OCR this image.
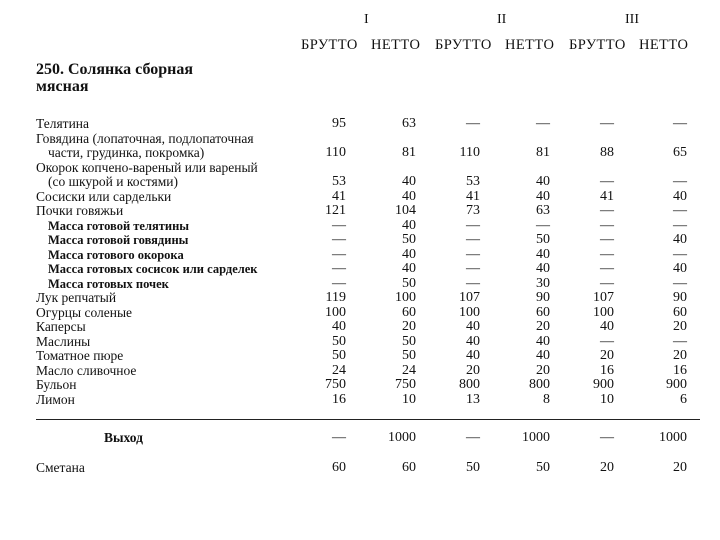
I	II	III
БРУТТО НЕТТО БРУТТО НЕТТО БРУТТО НЕТТО
250. Солянка сборная
мясная
Телятина	95	63	—	—	—	—
Говядина (лопаточная, подлопаточная
части, грудинка, покромка)	110	81	110	81	88	65
Окорок копчено-вареный или вареный
(со шкурой и костями)	53	40	53	40	—	—
Сосиски или сардельки	41	40	41	40	41	40
Почки говяжьи	121	104	73	63	—	—
Масса готовой телятины	—	40	—	—	—	—
Масса готовой говядины	—	50	—	50	—	40
Масса готового окорока	—	40	—	40	—	—
Масса готовых сосисок или сарделек	—	40	—	40	—	40
Масса готовых почек	—	50	—	30	—	—
Лук репчатый	119	100	107	90	107	90
Огурцы соленые	100	60	100	60	100	60
Каперсы	40	20	40	20	40	20
Маслины	50	50	40	40	—	—
Томатное пюре	50	50	40	40	20	20
Масло сливочное	24	24	20	20	16	16
Бульон	750	750	800	800	900	900
Лимон	16	10	13	8	10	6
Выход	—	1000	—	1000	—	1000
Сметана	60	60	50	50	20	20
